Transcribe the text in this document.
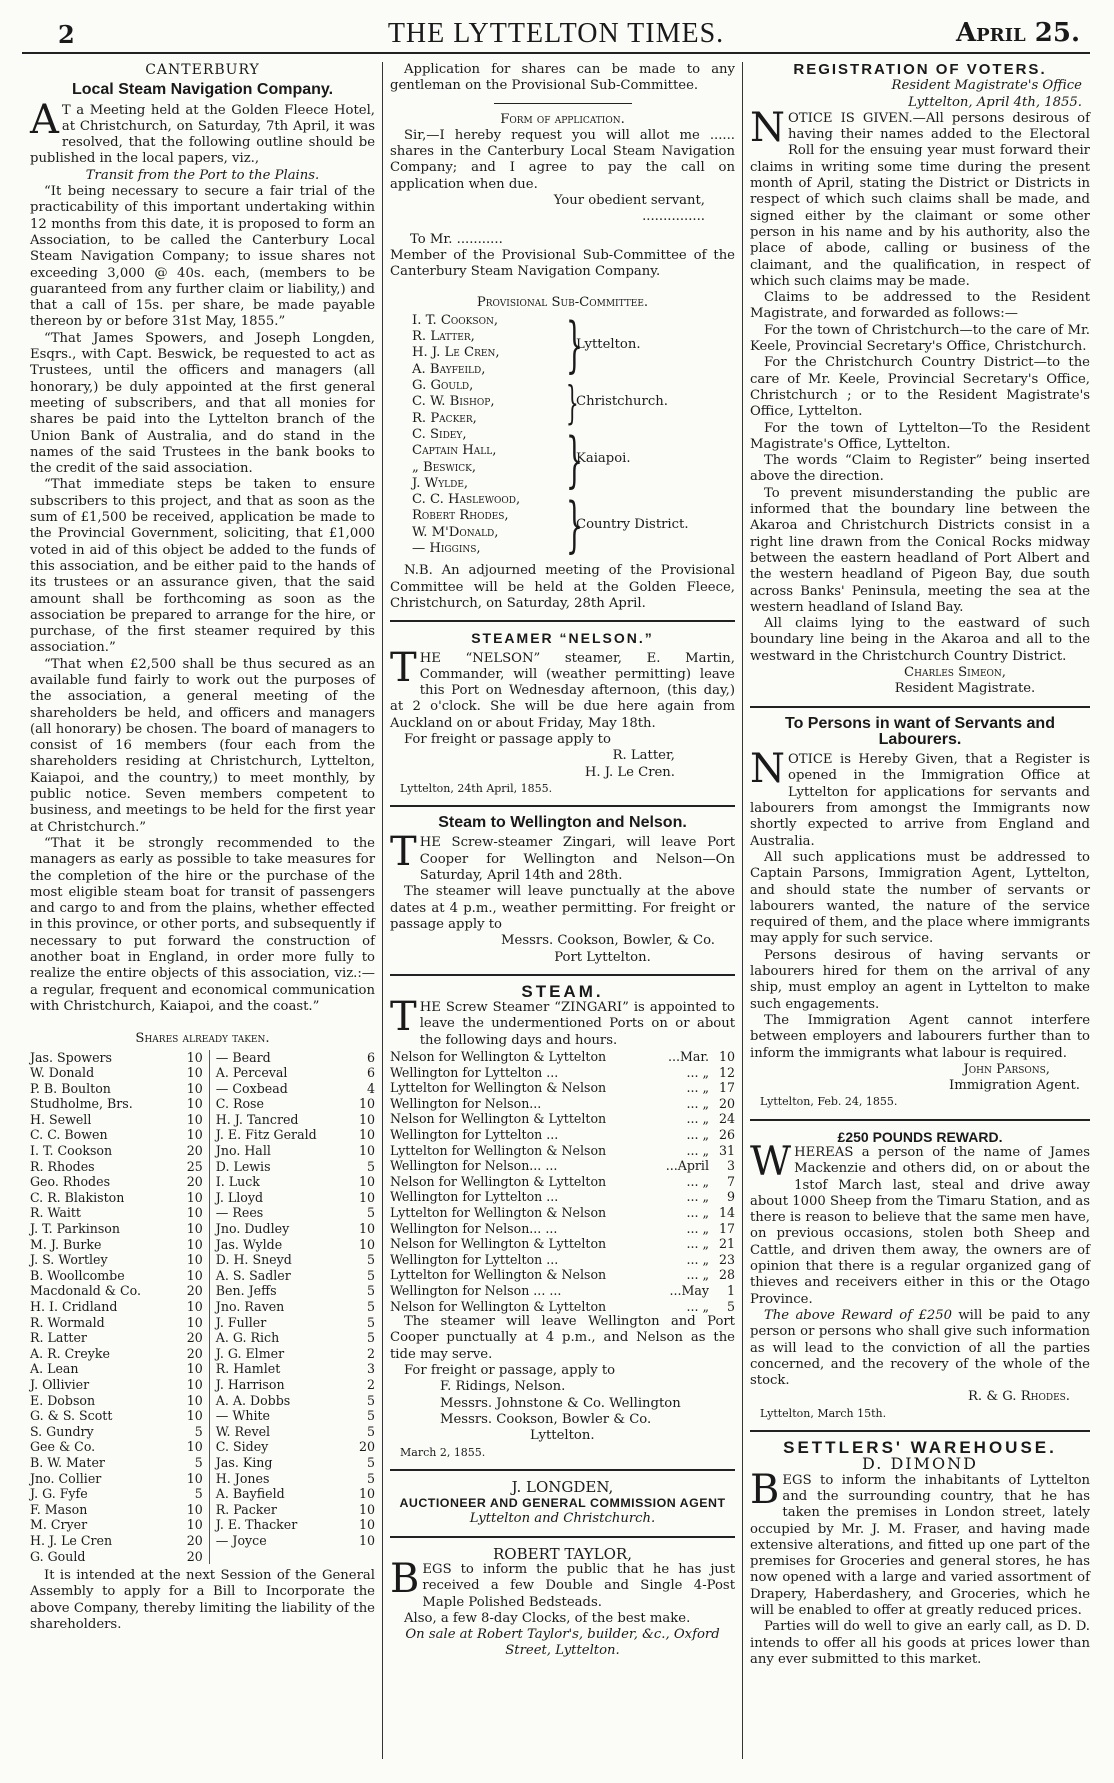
2	THE LYTTELTON TIMES.	April 25.
CANTERBURY
Local Steam Navigation Company.

AT a Meeting held at the Golden Fleece Hotel, at Christchurch, on Saturday, 7th April, it was resolved, that the following outline should be published in the local papers, viz.,

Transit from the Port to the Plains.

“It being necessary to secure a fair trial of the practicability of this important undertaking within 12 months from this date, it is proposed to form an Association, to be called the Canterbury Local Steam Navigation Company; to issue shares not exceeding 3,000 @ 40s. each, (members to be guaranteed from any further claim or liability,) and that a call of 15s. per share, be made payable thereon by or before 31st May, 1855.”

“That James Spowers, and Joseph Longden, Esqrs., with Capt. Beswick, be requested to act as Trustees, until the officers and managers (all honorary,) be duly appointed at the first general meeting of subscribers, and that all monies for shares be paid into the Lyttelton branch of the Union Bank of Australia, and do stand in the names of the said Trustees in the bank books to the credit of the said association.

“That immediate steps be taken to ensure subscribers to this project, and that as soon as the sum of £1,500 be received, application be made to the Provincial Government, soliciting, that £1,000 voted in aid of this object be added to the funds of this association, and be either paid to the hands of its trustees or an assurance given, that the said amount shall be forthcoming as soon as the association be prepared to arrange for the hire, or purchase, of the first steamer required by this association.”

“That when £2,500 shall be thus secured as an available fund fairly to work out the purposes of the association, a general meeting of the shareholders be held, and officers and managers (all honorary) be chosen. The board of managers to consist of 16 members (four each from the shareholders residing at Christchurch, Lyttelton, Kaiapoi, and the country,) to meet monthly, by public notice. Seven members competent to business, and meetings to be held for the first year at Christchurch.”

“That it be strongly recommended to the managers as early as possible to take measures for the completion of the hire or the purchase of the most eligible steam boat for transit of passengers and cargo to and from the plains, whether effected in this province, or other ports, and subsequently if necessary to put forward the construction of another boat in England, in order more fully to realize the entire objects of this association, viz.:—a regular, frequent and economical communication with Christchurch, Kaiapoi, and the coast.”

Shares already taken.
Jas. Spowers	10	— Beard	6
W. Donald	10	A. Perceval	6
P. B. Boulton	10	— Coxbead	4
Studholme, Brs.	10	C. Rose	10
H. Sewell	10	H. J. Tancred	10
C. C. Bowen	10	J. E. Fitz Gerald	10
I. T. Cookson	20	Jno. Hall	10
R. Rhodes	25	D. Lewis	5
Geo. Rhodes	20	I. Luck	10
C. R. Blakiston	10	J. Lloyd	10
R. Waitt	10	— Rees	5
J. T. Parkinson	10	Jno. Dudley	10
M. J. Burke	10	Jas. Wylde	10
J. S. Wortley	10	D. H. Sneyd	5
B. Woollcombe	10	A. S. Sadler	5
Macdonald & Co.	20	Ben. Jeffs	5
H. I. Cridland	10	Jno. Raven	5
R. Wormald	10	J. Fuller	5
R. Latter	20	A. G. Rich	5
A. R. Creyke	20	J. G. Elmer	2
A. Lean	10	R. Hamlet	3
J. Ollivier	10	J. Harrison	2
E. Dobson	10	A. A. Dobbs	5
G. & S. Scott	10	— White	5
S. Gundry	5	W. Revel	5
Gee & Co.	10	C. Sidey	20
B. W. Mater	5	Jas. King	5
Jno. Collier	10	H. Jones	5
J. G. Fyfe	5	A. Bayfield	10
F. Mason	10	R. Packer	10
M. Cryer	10	J. E. Thacker	10
H. J. Le Cren	20	— Joyce	10
G. Gould	20		

It is intended at the next Session of the General Assembly to apply for a Bill to Incorporate the above Company, thereby limiting the liability of the shareholders.

Application for shares can be made to any gentleman on the Provisional Sub-Committee.

Form of application.

Sir,—I hereby request you will allot me ...... shares in the Canterbury Local Steam Navigation Company; and I agree to pay the call on application when due.

Your obedient servant,
...............
To Mr. ...........

Member of the Provisional Sub-Committee of the Canterbury Steam Navigation Company.

Provisional Sub-Committee.
I. T. Cookson,
R. Latter,
H. J. Le Cren,
A. Bayfeild,	}
Lyttelton.
G. Gould,
C. W. Bishop,
R. Packer,	}
Christchurch.
C. Sidey,
Captain Hall,
„ Beswick,
J. Wylde,	}
Kaiapoi.
C. C. Haslewood,
Robert Rhodes,
W. M'Donald,
— Higgins,	}
Country District.

N.B. An adjourned meeting of the Provisional Committee will be held at the Golden Fleece, Christchurch, on Saturday, 28th April.

STEAMER “NELSON.”

THE “NELSON” steamer, E. Martin, Commander, will (weather permitting) leave this Port on Wednesday afternoon, (this day,) at 2 o'clock. She will be due here again from Auckland on or about Friday, May 18th.

For freight or passage apply to

R. Latter,
H. J. Le Cren.
Lyttelton, 24th April, 1855.
Steam to Wellington and Nelson.

THE Screw-steamer Zingari, will leave Port Cooper for Wellington and Nelson—On Saturday, April 14th and 28th.

The steamer will leave punctually at the above dates at 4 p.m., weather permitting. For freight or passage apply to

Messrs. Cookson, Bowler, & Co.
Port Lyttelton.
STEAM.

THE Screw Steamer “ZINGARI” is appointed to leave the undermentioned Ports on or about the following days and hours.

Nelson for Wellington & Lyttelton	...Mar.	10
Wellington for Lyttelton ...	... „	12
Lyttelton for Wellington & Nelson	... „	17
Wellington for Nelson...	... „	20
Nelson for Wellington & Lyttelton	... „	24
Wellington for Lyttelton ...	... „	26
Lyttelton for Wellington & Nelson	... „	31
Wellington for Nelson... ...	...April	3
Nelson for Wellington & Lyttelton	... „	7
Wellington for Lyttelton ...	... „	9
Lyttelton for Wellington & Nelson	... „	14
Wellington for Nelson... ...	... „	17
Nelson for Wellington & Lyttelton	... „	21
Wellington for Lyttelton ...	... „	23
Lyttelton for Wellington & Nelson	... „	28
Wellington for Nelson ... ...	...May	1
Nelson for Wellington & Lyttelton	... „	5

The steamer will leave Wellington and Port Cooper punctually at 4 p.m., and Nelson as the tide may serve.

For freight or passage, apply to

F. Ridings, Nelson.
Messrs. Johnstone & Co. Wellington
Messrs. Cookson, Bowler & Co.
Lyttelton.
March 2, 1855.
J. LONGDEN,
AUCTIONEER AND GENERAL COMMISSION AGENT
Lyttelton and Christchurch.
ROBERT TAYLOR,

BEGS to inform the public that he has just received a few Double and Single 4-Post Maple Polished Bedsteads.

Also, a few 8-day Clocks, of the best make.

On sale at Robert Taylor's, builder, &c., Oxford Street, Lyttelton.

REGISTRATION OF VOTERS.
Resident Magistrate's Office
Lyttelton, April 4th, 1855.

NOTICE IS GIVEN.—All persons desirous of having their names added to the Electoral Roll for the ensuing year must forward their claims in writing some time during the present month of April, stating the District or Districts in respect of which such claims shall be made, and signed either by the claimant or some other person in his name and by his authority, also the place of abode, calling or business of the claimant, and the qualification, in respect of which such claims may be made.

Claims to be addressed to the Resident Magistrate, and forwarded as follows:—

For the town of Christchurch—to the care of Mr. Keele, Provincial Secretary's Office, Christchurch.

For the Christchurch Country District—to the care of Mr. Keele, Provincial Secretary's Office, Christchurch ; or to the Resident Magistrate's Office, Lyttelton.

For the town of Lyttelton—To the Resident Magistrate's Office, Lyttelton.

The words “Claim to Register” being inserted above the direction.

To prevent misunderstanding the public are informed that the boundary line between the Akaroa and Christchurch Districts consist in a right line drawn from the Conical Rocks midway between the eastern headland of Port Albert and the western headland of Pigeon Bay, due south across Banks' Peninsula, meeting the sea at the western headland of Island Bay.

All claims lying to the eastward of such boundary line being in the Akaroa and all to the westward in the Christchurch Country District.

Charles Simeon,
Resident Magistrate.
To Persons in want of Servants and Labourers.

NOTICE is Hereby Given, that a Register is opened in the Immigration Office at Lyttelton for applications for servants and labourers from amongst the Immigrants now shortly expected to arrive from England and Australia.

All such applications must be addressed to Captain Parsons, Immigration Agent, Lyttelton, and should state the number of servants or labourers wanted, the nature of the service required of them, and the place where immigrants may apply for such service.

Persons desirous of having servants or labourers hired for them on the arrival of any ship, must employ an agent in Lyttelton to make such engagements.

The Immigration Agent cannot interfere between employers and labourers further than to inform the immigrants what labour is required.

John Parsons,
Immigration Agent.
Lyttelton, Feb. 24, 1855.
£250 POUNDS REWARD.

WHEREAS a person of the name of James Mackenzie and others did, on or about the 1stof March last, steal and drive away about 1000 Sheep from the Timaru Station, and as there is reason to believe that the same men have, on previous occasions, stolen both Sheep and Cattle, and driven them away, the owners are of opinion that there is a regular organized gang of thieves and receivers either in this or the Otago Province.

The above Reward of £250 will be paid to any person or persons who shall give such information as will lead to the conviction of all the parties concerned, and the recovery of the whole of the stock.

R. & G. Rhodes.
Lyttelton, March 15th.
SETTLERS' WAREHOUSE.
D. DIMOND

BEGS to inform the inhabitants of Lyttelton and the surrounding country, that he has taken the premises in London street, lately occupied by Mr. J. M. Fraser, and having made extensive alterations, and fitted up one part of the premises for Groceries and general stores, he has now opened with a large and varied assortment of Drapery, Haberdashery, and Groceries, which he will be enabled to offer at greatly reduced prices.

Parties will do well to give an early call, as D. D. intends to offer all his goods at prices lower than any ever submitted to this market.
